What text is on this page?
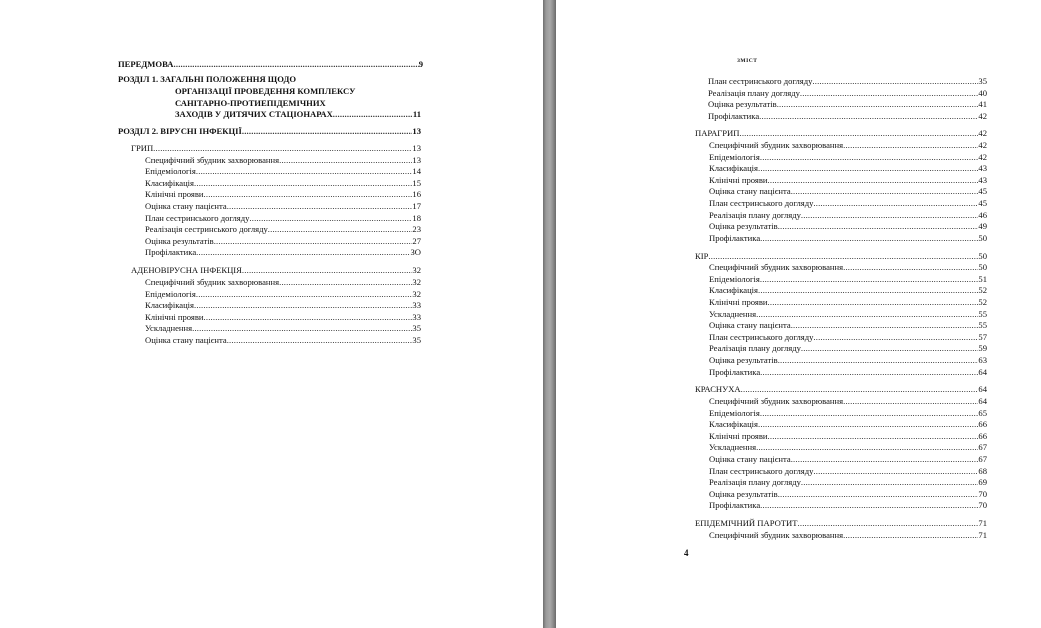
ПЕРЕДМОВА .....	9
РОЗДІЛ 1. ЗАГАЛЬНІ ПОЛОЖЕННЯ ЩОДО
ОРГАНІЗАЦІЇ ПРОВЕДЕННЯ КОМПЛЕКСУ
САНІТАРНО-ПРОТИЕПІДЕМІЧНИХ
ЗАХОДІВ У ДИТЯЧИХ СТАЦІОНАРАХ .....	11
РОЗДІЛ 2. ВІРУСНІ ІНФЕКЦІЇ .....	13
ГРИП .....	13
Специфічний збудник захворювання .....	13
Епідеміологія .....	14
Класифікація .....	15
Клінічні прояви .....	16
Оцінка стану пацієнта .....	17
План сестринського догляду .....	18
Реалізація сестринського догляду .....	23
Оцінка результатів .....	27
Профілактика .....	ЗО
АДЕНОВІРУСНА ІНФЕКЦІЯ .....	32
Специфічний збудник захворювання .....	32
Епідеміологія .....	32
Класифікація .....	33
Клінічні прояви .....	33
Ускладнення .....	35
Оцінка стану пацієнта .....	35
ЗМІСТ
План сестринського догляду .....	35
Реалізація плану догляду .....	40
Оцінка результатів .....	41
Профілактика .....	42
ПАРАГРИП .....	42
Специфічний збудник захворювання .....	42
Епідеміологія .....	42
Класифікація .....	43
Клінічні прояви .....	43
Оцінка стану пацієнта .....	45
План сестринського догляду .....	45
Реалізація плану догляду .....	46
Оцінка результатів .....	49
Профілактика .....	50
КІР .....	50
Специфічний збудник захворювання .....	50
Епідеміологія .....	51
Класифікація .....	52
Клінічні прояви .....	52
Ускладнення .....	55
Оцінка стану пацієнта .....	55
План сестринського догляду .....	57
Реалізація плану догляду .....	59
Оцінка результатів .....	63
Профілактика .....	64
КРАСНУХА .....	64
Специфічний збудник захворювання .....	64
Епідеміологія .....	65
Класифікація .....	66
Клінічні прояви .....	66
Ускладнення .....	67
Оцінка стану пацієнта .....	67
План сестринського догляду .....	68
Реалізація плану догляду .....	69
Оцінка результатів .....	70
Профілактика .....	70
ЕПІДЕМІЧНИЙ ПАРОТИТ .....	71
Специфічний збудник захворювання .....	71
4
